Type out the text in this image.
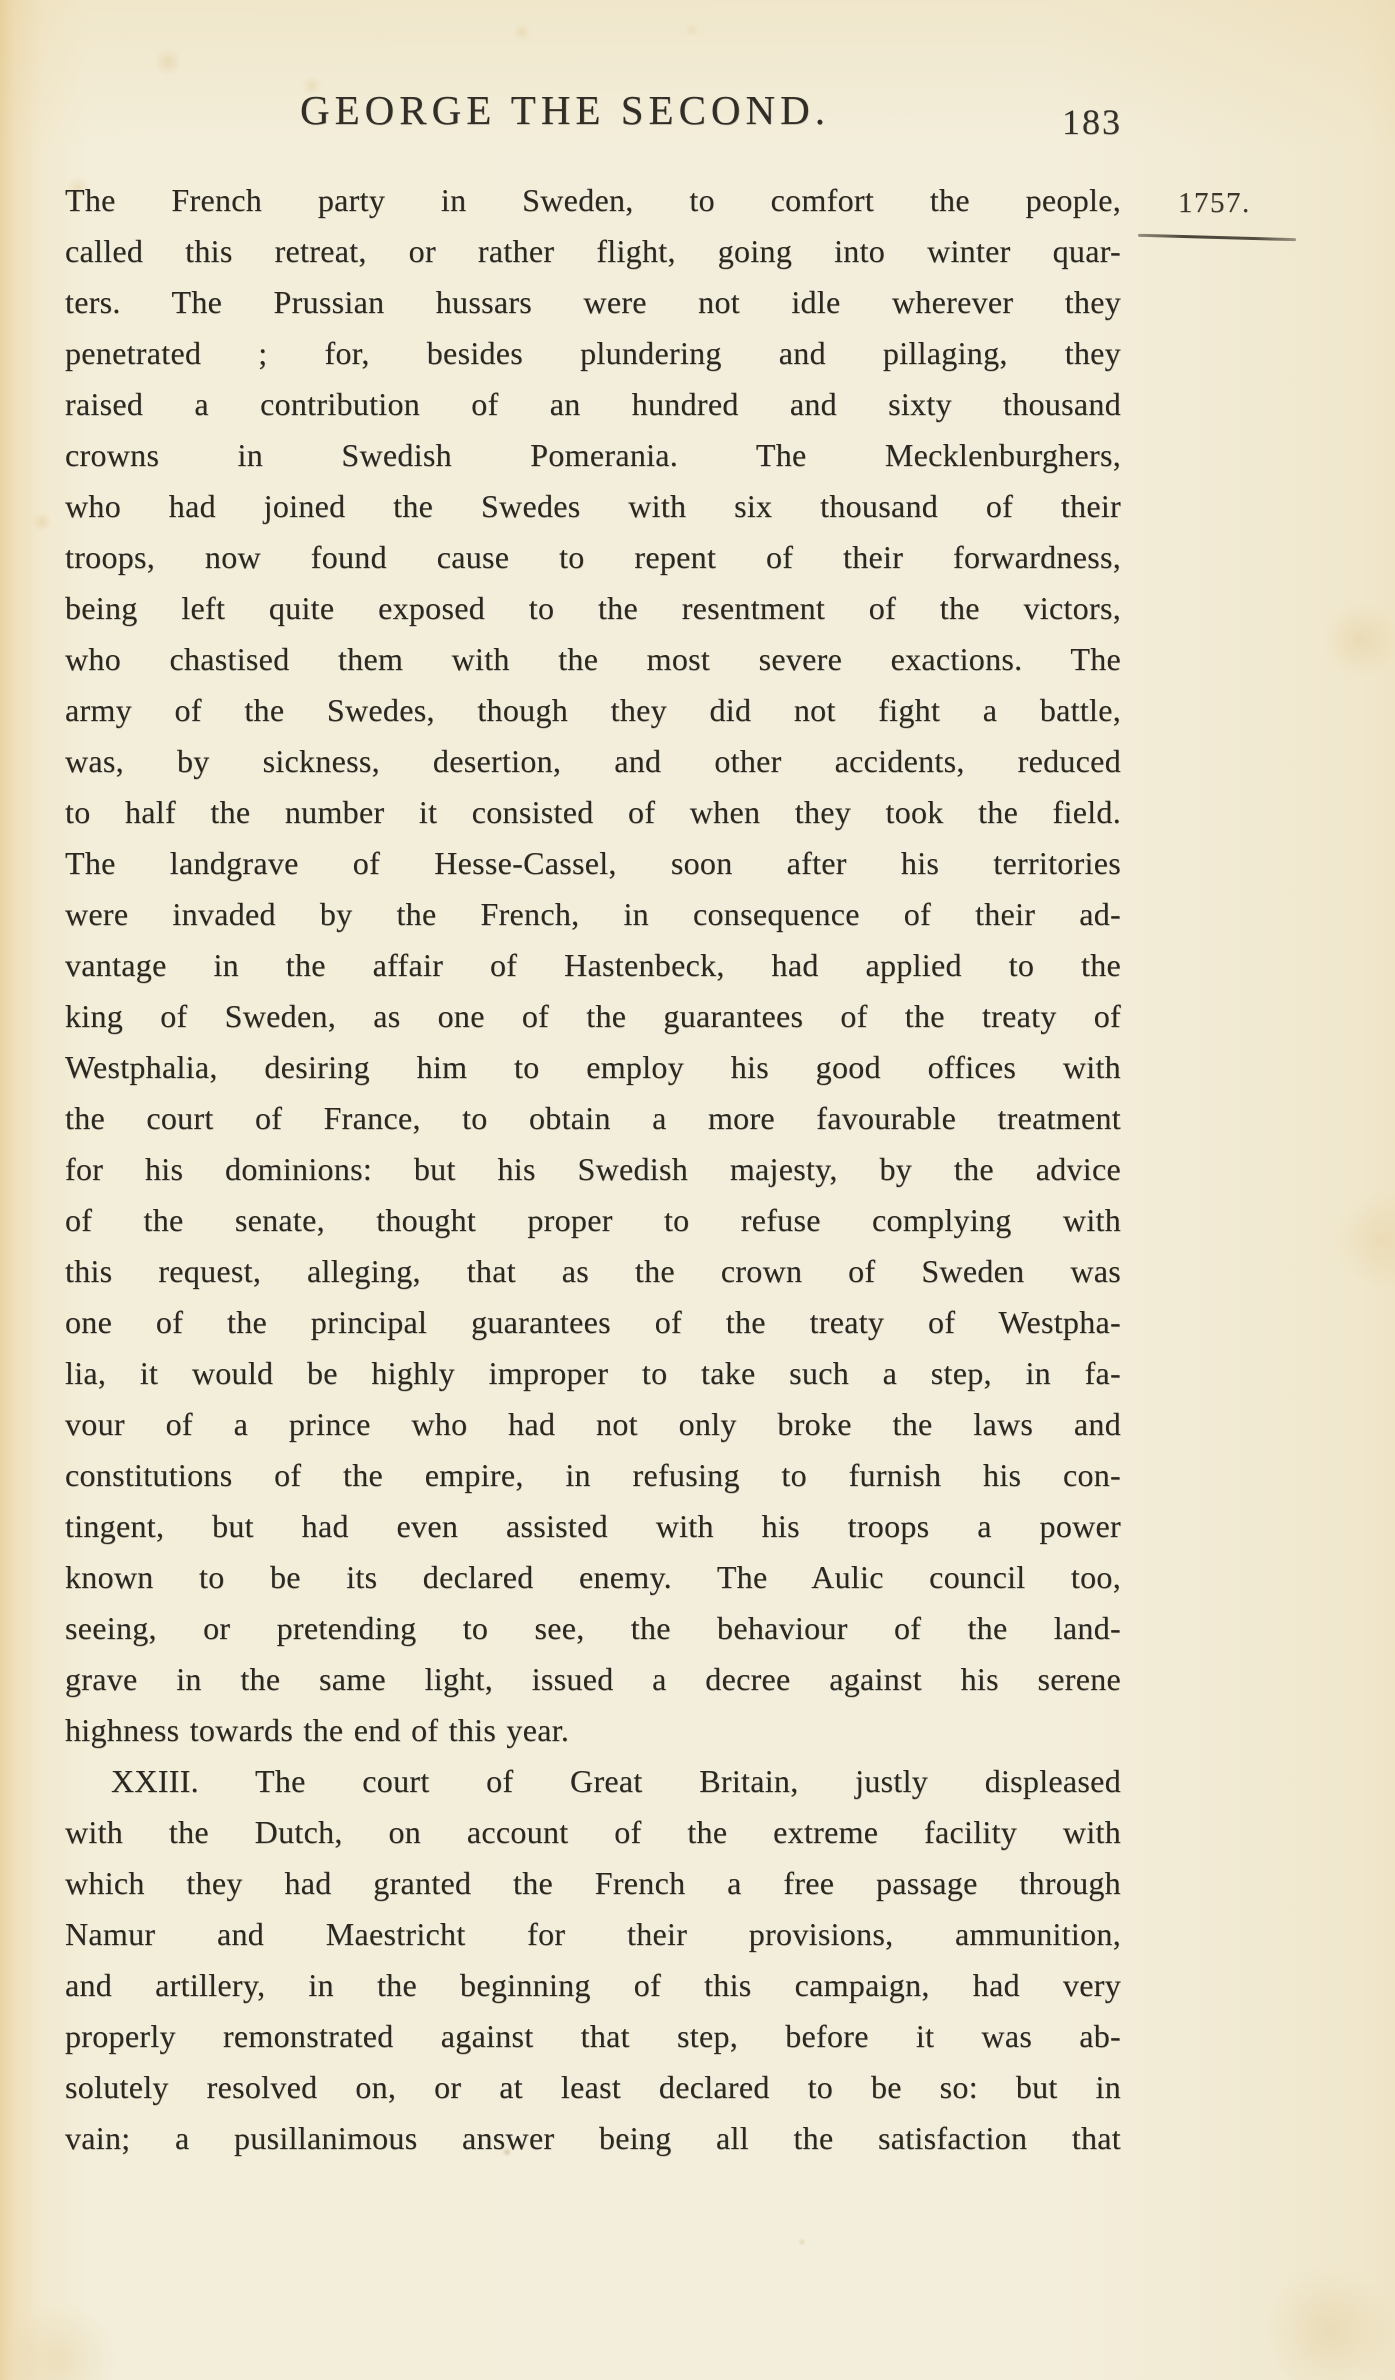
GEORGE THE SECOND.	183
1757.
The French party in Sweden, to comfort the people,
called this retreat, or rather flight, going into winter quar-
ters. The Prussian hussars were not idle wherever they
penetrated ; for, besides plundering and pillaging, they
raised a contribution of an hundred and sixty thousand
crowns in Swedish Pomerania. The Mecklenburghers,
who had joined the Swedes with six thousand of their
troops, now found cause to repent of their forwardness,
being left quite exposed to the resentment of the victors,
who chastised them with the most severe exactions. The
army of the Swedes, though they did not fight a battle,
was, by sickness, desertion, and other accidents, reduced
to half the number it consisted of when they took the field.
The landgrave of Hesse-Cassel, soon after his territories
were invaded by the French, in consequence of their ad-
vantage in the affair of Hastenbeck, had applied to the
king of Sweden, as one of the guarantees of the treaty of
Westphalia, desiring him to employ his good offices with
the court of France, to obtain a more favourable treatment
for his dominions: but his Swedish majesty, by the advice
of the senate, thought proper to refuse complying with
this request, alleging, that as the crown of Sweden was
one of the principal guarantees of the treaty of Westpha-
lia, it would be highly improper to take such a step, in fa-
vour of a prince who had not only broke the laws and
constitutions of the empire, in refusing to furnish his con-
tingent, but had even assisted with his troops a power
known to be its declared enemy. The Aulic council too,
seeing, or pretending to see, the behaviour of the land-
grave in the same light, issued a decree against his serene
highness towards the end of this year.
XXIII. The court of Great Britain, justly displeased
with the Dutch, on account of the extreme facility with
which they had granted the French a free passage through
Namur and Maestricht for their provisions, ammunition,
and artillery, in the beginning of this campaign, had very
properly remonstrated against that step, before it was ab-
solutely resolved on, or at least declared to be so: but in
vain; a pusillanimous answer being all the satisfaction that
